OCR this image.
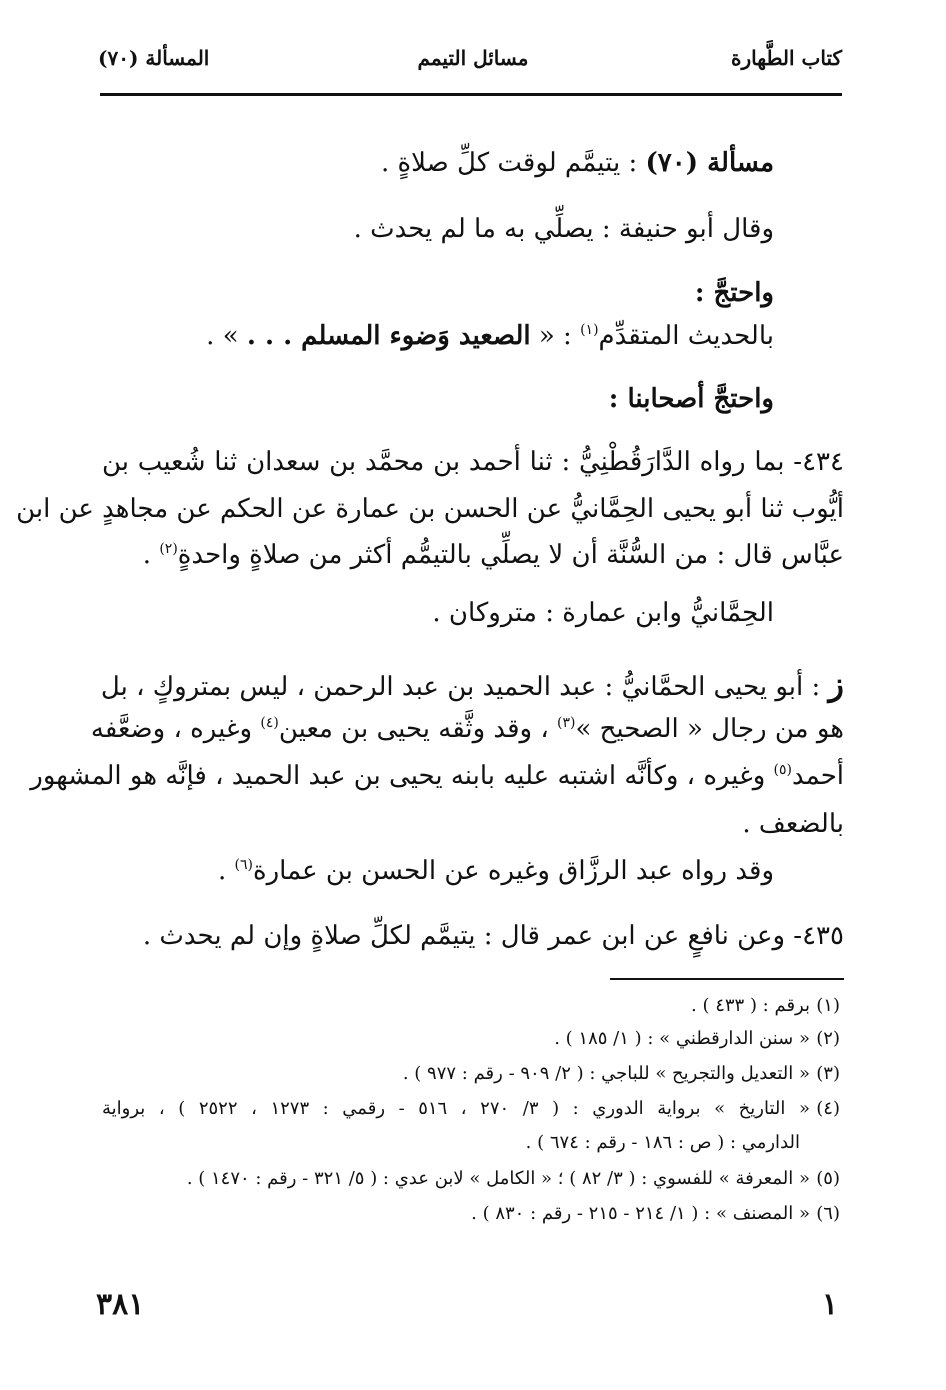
كتاب الطَّهارة
مسائل التيمم
المسألة (٧٠)
مسألة (٧٠) : يتيمَّم لوقت كلِّ صلاةٍ .
وقال أبو حنيفة : يصلِّي به ما لم يحدث .
واحتجَّ :
بالحديث المتقدِّم$^{(١)}$ : « الصعيد وَضوء المسلم . . . » .
واحتجَّ أصحابنا :
٤٣٤- بما رواه الدَّارَقُطْنِيُّ : ثنا أحمد بن محمَّد بن سعدان ثنا شُعيب بن
أيُّوب ثنا أبو يحيى الحِمَّانيُّ عن الحسن بن عمارة عن الحكم عن مجاهدٍ عن ابن
عبَّاس قال : من السُّنَّة أن لا يصلِّي بالتيمُّم أكثر من صلاةٍ واحدةٍ$^{(٢)}$ .
الحِمَّانيُّ وابن عمارة : متروكان .
ز : أبو يحيى الحمَّانيُّ : عبد الحميد بن عبد الرحمن ، ليس بمتروكٍ ، بل
هو من رجال « الصحيح »$^{(٣)}$ ، وقد وثَّقه يحيى بن معين$^{(٤)}$ وغيره ، وضعَّفه
أحمد$^{(٥)}$ وغيره ، وكأنَّه اشتبه عليه بابنه يحيى بن عبد الحميد ، فإنَّه هو المشهور
بالضعف .
وقد رواه عبد الرزَّاق وغيره عن الحسن بن عمارة$^{(٦)}$ .
٤٣٥- وعن نافعٍ عن ابن عمر قال : يتيمَّم لكلِّ صلاةٍ وإن لم يحدث .
(١)برقم : ( ٤٣٣ ) .
(٢)« سنن الدارقطني » : ( ١/ ١٨٥ ) .
(٣)« التعديل والتجريح » للباجي : ( ٢/ ٩٠٩ - رقم : ٩٧٧ ) .
(٤)« التاريخ » برواية الدوري : ( ٣/ ٢٧٠ ، ٥١٦ - رقمي : ١٢٧٣ ، ٢٥٢٢ ) ، برواية
الدارمي : ( ص : ١٨٦ - رقم : ٦٧٤ ) .
(٥)« المعرفة » للفسوي : ( ٣/ ٨٢ ) ؛ « الكامل » لابن عدي : ( ٥/ ٣٢١ - رقم : ١٤٧٠ ) .
(٦)« المصنف » : ( ١/ ٢١٤ - ٢١٥ - رقم : ٨٣٠ ) .
١
٣٨١
